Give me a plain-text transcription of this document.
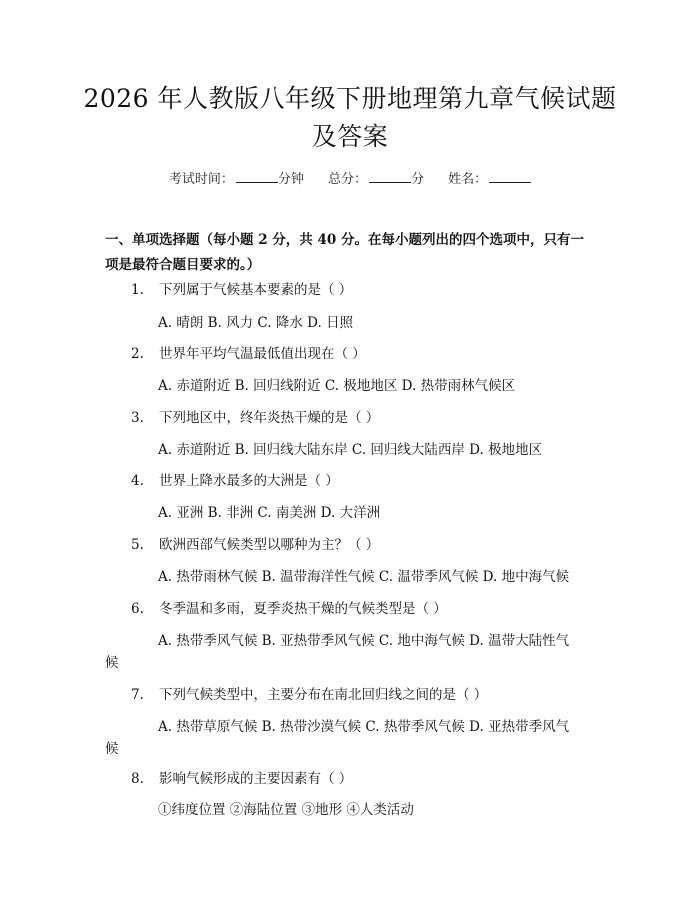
2026 年人教版八年级下册地理第九章气候试题及答案
考试时间：	分钟 总分：	分 姓名：
一、单项选择题（每小题 2 分，共 40 分。在每小题列出的四个选项中，只有一项是最符合题目要求的。）
1. 下列属于气候基本要素的是（ ）
A. 晴朗 B. 风力 C. 降水 D. 日照
2. 世界年平均气温最低值出现在（ ）
A. 赤道附近 B. 回归线附近 C. 极地地区 D. 热带雨林气候区
3. 下列地区中，终年炎热干燥的是（ ）
A. 赤道附近 B. 回归线大陆东岸 C. 回归线大陆西岸 D. 极地地区
4. 世界上降水最多的大洲是（ ）
A. 亚洲 B. 非洲 C. 南美洲 D. 大洋洲
5. 欧洲西部气候类型以哪种为主？（ ）
A. 热带雨林气候 B. 温带海洋性气候 C. 温带季风气候 D. 地中海气候
6. 冬季温和多雨，夏季炎热干燥的气候类型是（ ）
A. 热带季风气候 B. 亚热带季风气候 C. 地中海气候 D. 温带大陆性气
候
7. 下列气候类型中，主要分布在南北回归线之间的是（ ）
A. 热带草原气候 B. 热带沙漠气候 C. 热带季风气候 D. 亚热带季风气
候
8. 影响气候形成的主要因素有（ ）
①纬度位置 ②海陆位置 ③地形 ④人类活动
